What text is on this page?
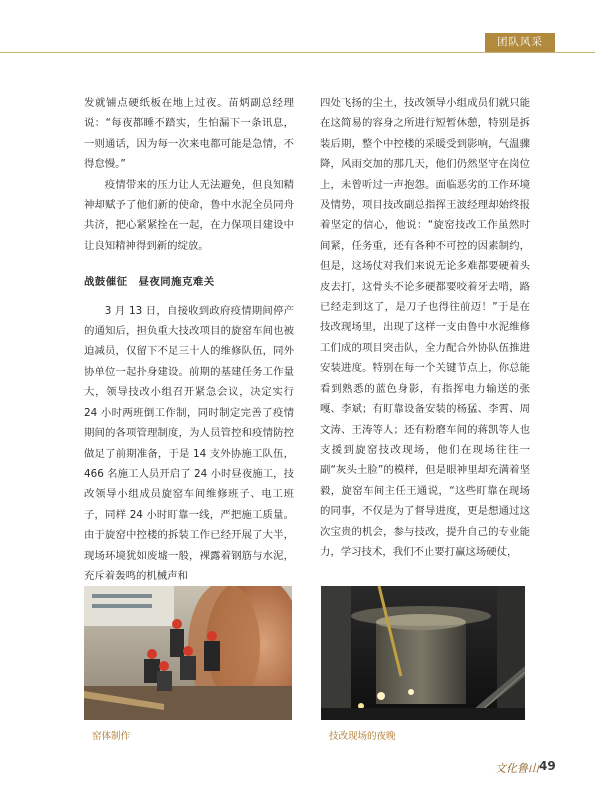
团队风采

发就铺点硬纸板在地上过夜。苗炳副总经理说：“每夜都睡不踏实，生怕漏下一条讯息，一则通话，因为每一次来电都可能是急情，不得怠慢。”

疫情带来的压力让人无法避免，但良知精神却赋予了他们新的使命，鲁中水泥全员同舟共济，把心紧紧拴在一起，在力保项目建设中让良知精神得到新的绽放。

战鼓催征　昼夜同施克难关

3 月 13 日，自接收到政府疫情期间停产的通知后，担负重大技改项目的旋窑车间也被迫减员，仅留下不足三十人的维修队伍，同外协单位一起扑身建设。前期的基建任务工作量大，领导技改小组召开紧急会议，决定实行 24 小时两班倒工作制，同时制定完善了疫情期间的各项管理制度，为人员管控和疫情防控做足了前期准备，于是 14 支外协施工队伍，466 名施工人员开启了 24 小时昼夜施工，技改领导小组成员旋窑车间维修班子、电工班子，同样 24 小时盯靠一线，严把施工质量。由于旋窑中控楼的拆装工作已经开展了大半，现场环境犹如废墟一般，裸露着钢筋与水泥，充斥着轰鸣的机械声和

四处飞扬的尘土，技改领导小组成员们就只能在这简易的容身之所进行短暂休憩，特别是拆装后期，整个中控楼的采暖受到影响，气温骤降，风雨交加的那几天，他们仍然坚守在岗位上，未曾听过一声抱怨。面临恶劣的工作环境及情势，项目技改副总指挥王波经理却始终报着坚定的信心，他说：“旋窑技改工作虽然时间紧，任务重，还有各种不可控的因素制约，但是，这场仗对我们来说无论多难都要硬着头皮去打，这骨头不论多硬都要咬着牙去啃，路已经走到这了，是刀子也得往前迈！”于是在技改现场里，出现了这样一支由鲁中水泥维修工们成的项目突击队，全力配合外协队伍推进安装进度。特别在每一个关键节点上，你总能看到熟悉的蓝色身影，有指挥电力输送的张嘎、李斌；有盯靠设备安装的杨猛、李霄、周文涛、王涛等人；还有粉磨车间的蒋凯等人也支援到旋窑技改现场，他们在现场往往一副“灰头土脸”的模样，但是眼神里却充满着坚毅，旋窑车间主任王通说，“这些盯靠在现场的同事，不仅是为了督导进度，更是想通过这次宝贵的机会，参与技改，提升自己的专业能力，学习技术，我们不止要打赢这场硬仗，

窑体制作	技改现场的夜晚
文化鲁山 49
